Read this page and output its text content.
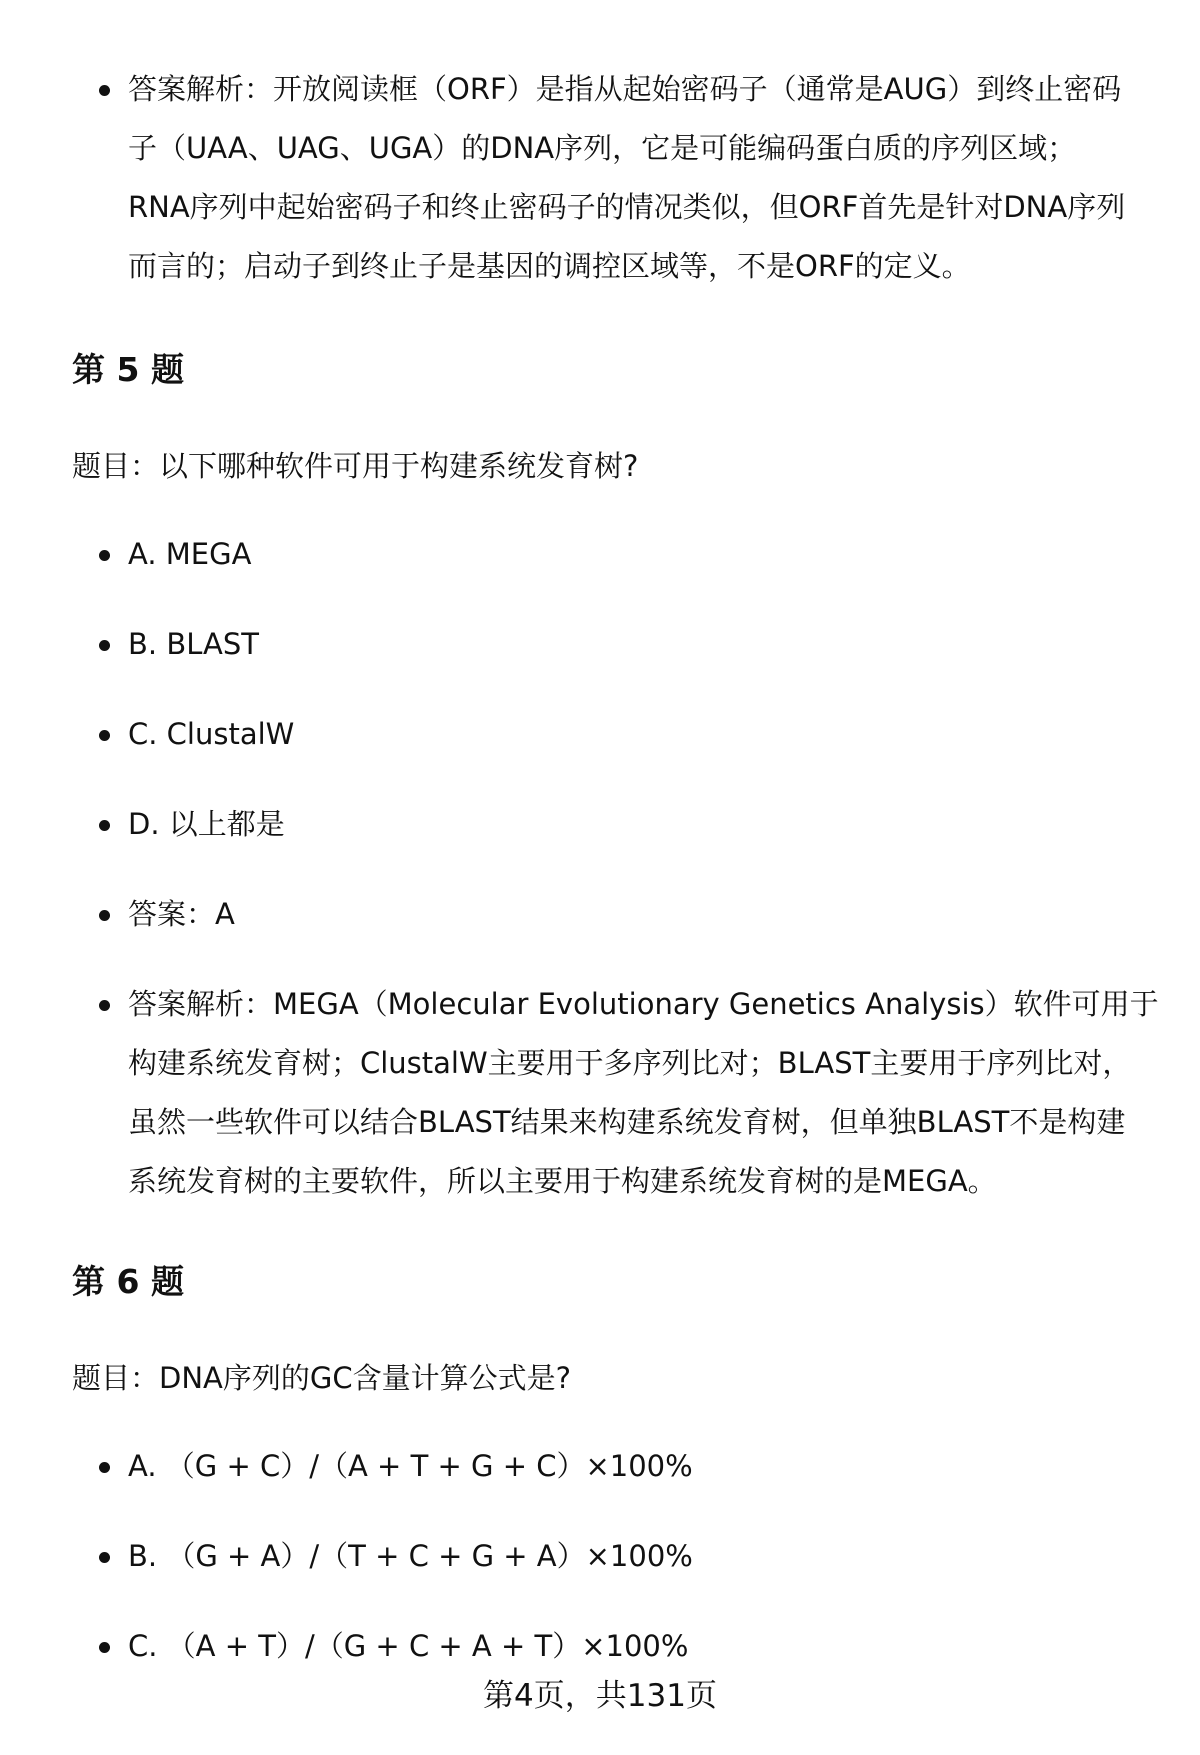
答案解析：开放阅读框（ORF）是指从起始密码子（通常是AUG）到终止密码
子（UAA、UAG、UGA）的DNA序列，它是可能编码蛋白质的序列区域；
RNA序列中起始密码子和终止密码子的情况类似，但ORF首先是针对DNA序列
而言的；启动子到终止子是基因的调控区域等，不是ORF的定义。
第 5 题
题目：以下哪种软件可用于构建系统发育树?
A. MEGA
B. BLAST
C. ClustalW
D. 以上都是
答案：A
答案解析：MEGA（Molecular Evolutionary Genetics Analysis）软件可用于
构建系统发育树；ClustalW主要用于多序列比对；BLAST主要用于序列比对，
虽然一些软件可以结合BLAST结果来构建系统发育树，但单独BLAST不是构建
系统发育树的主要软件，所以主要用于构建系统发育树的是MEGA。
第 6 题
题目：DNA序列的GC含量计算公式是?
A. （G + C）/（A + T + G + C）×100%
B. （G + A）/（T + C + G + A）×100%
C. （A + T）/（G + C + A + T）×100%
第4页，共131页
